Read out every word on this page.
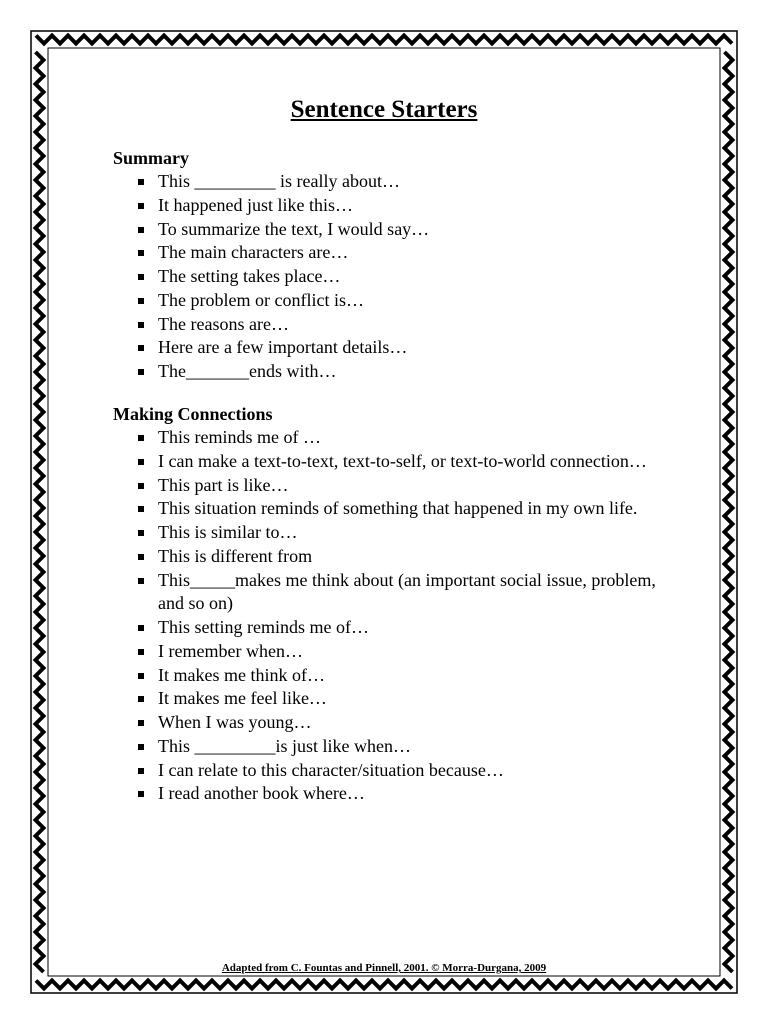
Sentence Starters
Summary
This _________ is really about…
It happened just like this…
To summarize the text, I would say…
The main characters are…
The setting takes place…
The problem or conflict is…
The reasons are…
Here are a few important details…
The_______ends with…
Making Connections
This reminds me of …
I can make a text-to-text, text-to-self, or text-to-world connection…
This part is like…
This situation reminds of something that happened in my own life.
This is similar to…
This is different from
This_____makes me think about (an important social issue, problem, and so on)
This setting reminds me of…
I remember when…
It makes me think of…
It makes me feel like…
When I was young…
This _________is just like when…
I can relate to this character/situation because…
I read another book where…
Adapted from C. Fountas and Pinnell, 2001. © Morra-Durgana, 2009
